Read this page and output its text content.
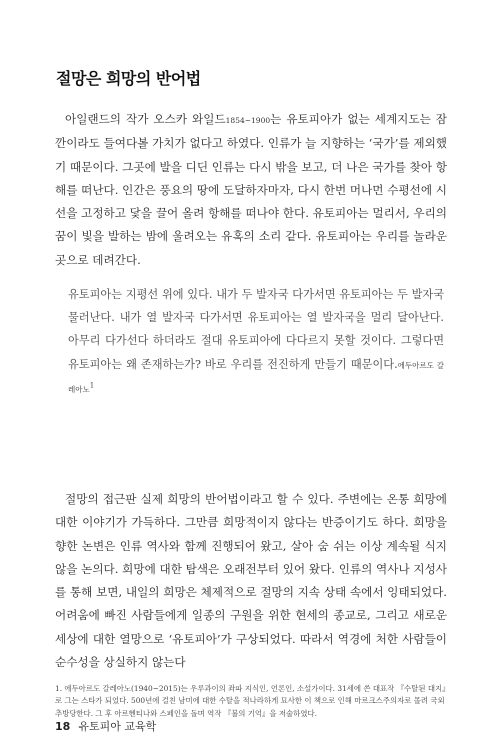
절망은 희망의 반어법

아일랜드의 작가 오스카 와일드1854~1900는 유토피아가 없는 세계지도는 잠깐이라도 들여다볼 가치가 없다고 하였다. 인류가 늘 지향하는 ‘국가’를 제외했기 때문이다. 그곳에 발을 디딘 인류는 다시 밖을 보고, 더 나은 국가를 찾아 항해를 떠난다. 인간은 풍요의 땅에 도달하자마자, 다시 한번 머나먼 수평선에 시선을 고정하고 닻을 끌어 올려 항해를 떠나야 한다. 유토피아는 멀리서, 우리의 꿈이 빛을 발하는 밤에 울려오는 유혹의 소리 같다. 유토피아는 우리를 놀라운 곳으로 데려간다.

유토피아는 지평선 위에 있다. 내가 두 발자국 다가서면 유토피아는 두 발자국 물러난다. 내가 열 발자국 다가서면 유토피아는 열 발자국을 멀리 달아난다. 아무리 다가선다 하더라도 절대 유토피아에 다다르지 못할 것이다. 그렇다면 유토피아는 왜 존재하는가? 바로 우리를 전진하게 만들기 때문이다.에두아르도 갈레아노$^1$

절망의 접근판 실제 희망의 반어법이라고 할 수 있다. 주변에는 온통 희망에 대한 이야기가 가득하다. 그만큼 희망적이지 않다는 반증이기도 하다. 희망을 향한 논변은 인류 역사와 함께 진행되어 왔고, 살아 숨 쉬는 이상 계속될 식지 않을 논의다. 희망에 대한 탐색은 오래전부터 있어 왔다. 인류의 역사나 지성사를 통해 보면, 내일의 희망은 체제적으로 절망의 지속 상태 속에서 잉태되었다. 어려움에 빠진 사람들에게 일종의 구원을 위한 현세의 종교로, 그리고 새로운 세상에 대한 열망으로 ‘유토피아’가 구상되었다. 따라서 역경에 처한 사람들이 순수성을 상실하지 않는다

1. 에두아르도 갈레아노(1940~2015)는 우루과이의 좌파 지식인, 언론인, 소설가이다. 31세에 쓴 대표작 『수탈된 대지』로 그는 스타가 되었다. 500년에 걸친 남미에 대한 수탈을 적나라하게 묘사한 이 책으로 인해 마르크스주의자로 몰려 국외 추방당한다. 그 후 아르헨티나와 스페인을 돌며 역작 『불의 기억』을 저술하였다.

18 유토피아 교육학
